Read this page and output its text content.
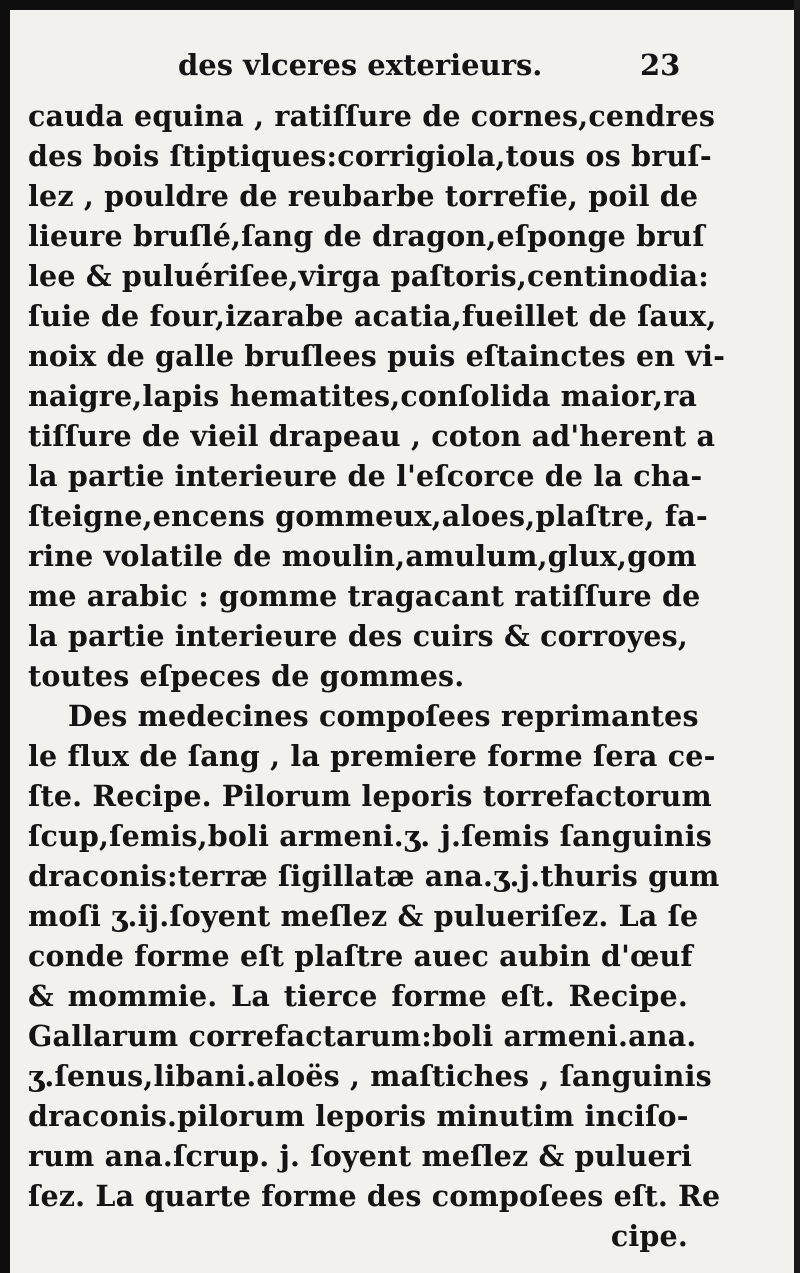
des vlceres exterieurs.	23
cauda equina , ratiſſure de cornes,cendres
des bois ſtiptiques:corrigiola,tous os bruſ-
lez , pouldre de reubarbe torrefie, poil de
lieure bruſlé,ſang de dragon,eſponge bruſ
lee & puluériſee,virga paſtoris,centinodia:
ſuie de four,izarabe acatia,fueillet de ſaux,
noix de galle bruſlees puis eſtainctes en vi-
naigre,lapis hematites,conſolida maior,ra
tiſſure de vieil drapeau , coton ad'herent a
la partie interieure de l'eſcorce de la cha-
ſteigne,encens gommeux,aloes,plaſtre, fa-
rine volatile de moulin,amulum,glux,gom
me arabic : gomme tragacant ratiſſure de
la partie interieure des cuirs & corroyes,
toutes eſpeces de gommes.
Des medecines compoſees reprimantes
le flux de ſang , la premiere forme ſera ce-
ſte. Recipe. Pilorum leporis torrefactorum
ſcup,ſemis,boli armeni.ʒ. j.ſemis ſanguinis
draconis:terræ ſigillatæ ana.ʒ.j.thuris gum
moſi ʒ.ij.ſoyent meſlez & pulueriſez. La ſe
conde forme eſt plaſtre auec aubin d'œuf
& mommie. La tierce forme eſt. Recipe.
Gallarum correfactarum:boli armeni.ana.
ʒ.ſenus,libani.aloës , maſtiches , ſanguinis
draconis.pilorum leporis minutim inciſo-
rum ana.ſcrup. j. ſoyent meſlez & pulueri
ſez. La quarte forme des compoſees eſt. Re
cipe.
